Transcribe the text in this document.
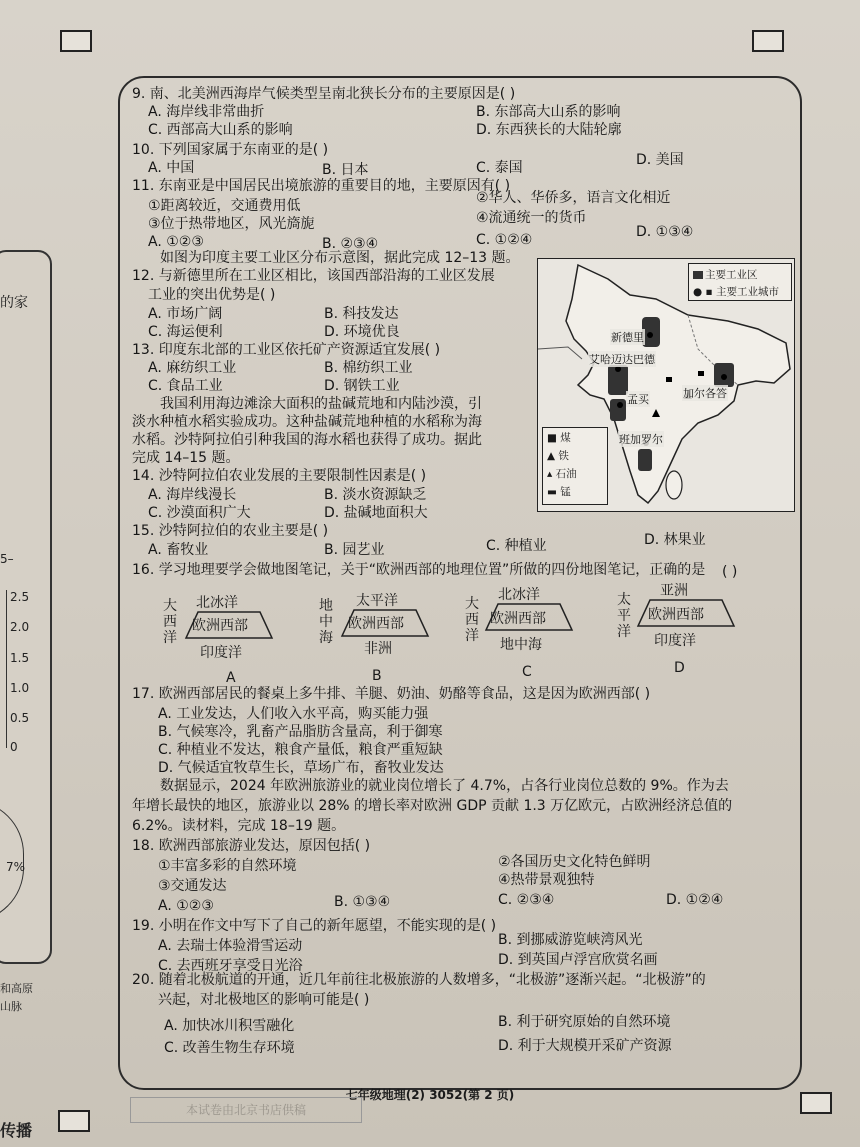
的家
5–
2.5
2.0
1.5
1.0
0.5
0
7%
和高原
山脉
传播
9. 南、北美洲西海岸气候类型呈南北狭长分布的主要原因是( )
A. 海岸线非常曲折	B. 东部高大山系的影响
C. 西部高大山系的影响	D. 东西狭长的大陆轮廓
10. 下列国家属于东南亚的是( )
A. 中国	B. 日本	C. 泰国	D. 美国
11. 东南亚是中国居民出境旅游的重要目的地，主要原因有( )
①距离较近，交通费用低	②华人、华侨多，语言文化相近
③位于热带地区，风光旖旎	④流通统一的货币
A. ①②③	B. ②③④	C. ①②④	D. ①③④
如图为印度主要工业区分布示意图，据此完成 12–13 题。
12. 与新德里所在工业区相比，该国西部沿海的工业区发展
工业的突出优势是( )
A. 市场广阔	B. 科技发达
C. 海运便利	D. 环境优良
13. 印度东北部的工业区依托矿产资源适宜发展( )
A. 麻纺织工业	B. 棉纺织工业
C. 食品工业	D. 钢铁工业
我国利用海边滩涂大面积的盐碱荒地和内陆沙漠，引
淡水种植水稻实验成功。这种盐碱荒地种植的水稻称为海
水稻。沙特阿拉伯引种我国的海水稻也获得了成功。据此
完成 14–15 题。
14. 沙特阿拉伯农业发展的主要限制性因素是( )
A. 海岸线漫长	B. 淡水资源缺乏
C. 沙漠面积广大	D. 盐碱地面积大
15. 沙特阿拉伯的农业主要是( )
A. 畜牧业	B. 园艺业	C. 种植业	D. 林果业
主要工业区
● ▪ 主要工业城市
新德里
艾哈迈达巴德
加尔各答
班加罗尔
孟买
■ 煤
▲ 铁
▴ 石油
▬ 锰
16. 学习地理要学会做地图笔记，关于“欧洲西部的地理位置”所做的四份地图笔记，正确的是 ( )
大西洋
北冰洋
欧洲西部
印度洋
A
地中海
太平洋
欧洲西部
非洲
B
大西洋
北冰洋
欧洲西部
地中海
C
太平洋
亚洲
欧洲西部
印度洋
D
17. 欧洲西部居民的餐桌上多牛排、羊腿、奶油、奶酪等食品，这是因为欧洲西部( )
A. 工业发达，人们收入水平高，购买能力强
B. 气候寒冷，乳畜产品脂肪含量高，利于御寒
C. 种植业不发达，粮食产量低，粮食严重短缺
D. 气候适宜牧草生长，草场广布，畜牧业发达
数据显示，2024 年欧洲旅游业的就业岗位增长了 4.7%，占各行业岗位总数的 9%。作为去
年增长最快的地区，旅游业以 28% 的增长率对欧洲 GDP 贡献 1.3 万亿欧元，占欧洲经济总值的
6.2%。读材料，完成 18–19 题。
18. 欧洲西部旅游业发达，原因包括( )
①丰富多彩的自然环境	②各国历史文化特色鲜明
③交通发达	④热带景观独特
A. ①②③	B. ①③④	C. ②③④	D. ①②④
19. 小明在作文中写下了自己的新年愿望，不能实现的是( )
A. 去瑞士体验滑雪运动	B. 到挪威游览峡湾风光
C. 去西班牙享受日光浴	D. 到英国卢浮宫欣赏名画
20. 随着北极航道的开通，近几年前往北极旅游的人数增多，“北极游”逐渐兴起。“北极游”的
兴起，对北极地区的影响可能是( )
A. 加快冰川积雪融化	B. 利于研究原始的自然环境
C. 改善生物生存环境	D. 利于大规模开采矿产资源
七年级地理(2) 3052(第 2 页)
本试卷由北京书店供稿
